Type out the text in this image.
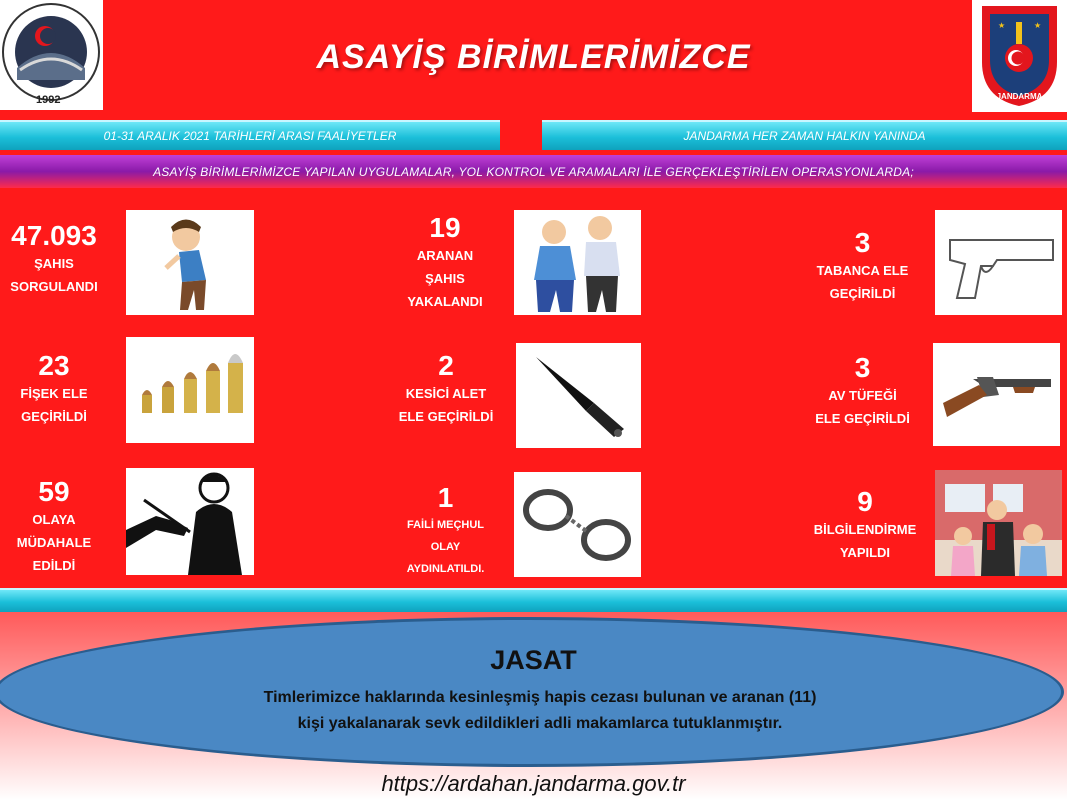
1992
★	★
JANDARMA
ASAYİŞ BİRİMLERİMİZCE
01-31 ARALIK 2021 TARİHLERİ ARASI FAALİYETLER	JANDARMA HER ZAMAN HALKIN YANINDA
ASAYİŞ BİRİMLERİMİZCE YAPILAN UYGULAMALAR, YOL KONTROL VE ARAMALARI İLE GERÇEKLEŞTİRİLEN OPERASYONLARDA;
47.093
ŞAHIS
SORGULANDI
19
ARANAN
ŞAHIS
YAKALANDI
3
TABANCA ELE
GEÇİRİLDİ
23
FİŞEK ELE
GEÇİRİLDİ
2
KESİCİ ALET
ELE GEÇİRİLDİ
3
AV TÜFEĞİ
ELE GEÇİRİLDİ
59
OLAYA
MÜDAHALE
EDİLDİ
1
FAİLİ MEÇHUL
OLAY
AYDINLATILDI.
9
BİLGİLENDİRME
YAPILDI
JASAT
Timlerimizce haklarında kesinleşmiş hapis cezası bulunan ve aranan (11)
kişi yakalanarak sevk edildikleri adli makamlarca tutuklanmıştır.
https://ardahan.jandarma.gov.tr
